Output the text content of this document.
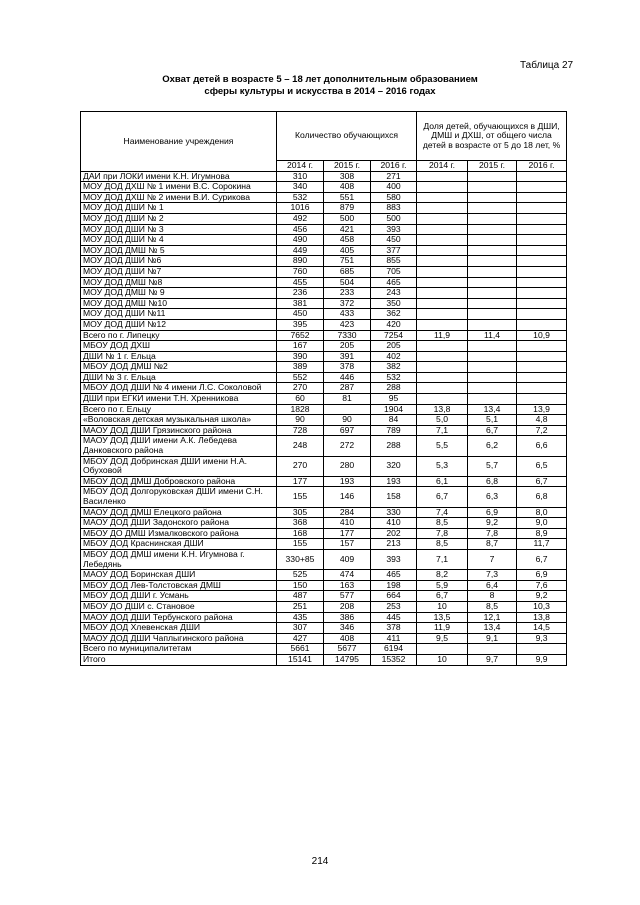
Таблица 27
Охват детей в возрасте 5 – 18 лет дополнительным образованием
сферы культуры и искусства в 2014 – 2016 годах
Наименование учреждения	Количество обучающихся			Доля детей, обучающихся в ДШИ, ДМШ и ДХШ, от общего числа детей в возрасте от 5 до 18 лет, %		
	2014 г.	2015 г.	2016 г.	2014 г.	2015 г.	2016 г.
ДАИ при ЛОКИ имени К.Н. Игумнова	310	308	271			
МОУ ДОД ДХШ № 1 имени В.С. Сорокина	340	408	400			
МОУ ДОД ДХШ № 2 имени В.И. Сурикова	532	551	580			
МОУ ДОД ДШИ № 1	1016	879	883			
МОУ ДОД ДШИ № 2	492	500	500			
МОУ ДОД ДШИ № 3	456	421	393			
МОУ ДОД ДШИ № 4	490	458	450			
МОУ ДОД ДМШ № 5	449	405	377			
МОУ ДОД ДШИ №6	890	751	855			
МОУ ДОД ДШИ №7	760	685	705			
МОУ ДОД ДМШ №8	455	504	465			
МОУ ДОД ДМШ № 9	236	233	243			
МОУ ДОД ДМШ №10	381	372	350			
МОУ ДОД ДШИ №11	450	433	362			
МОУ ДОД ДШИ №12	395	423	420			
Всего по г. Липецку	7652	7330	7254	11,9	11,4	10,9
МБОУ ДОД ДХШ	167	205	205			
ДШИ № 1 г. Ельца	390	391	402			
МБОУ ДОД ДМШ №2	389	378	382			
ДШИ № 3 г. Ельца	552	446	532			
МБОУ ДОД ДШИ № 4 имени Л.С. Соколовой	270	287	288			
ДШИ при ЕГКИ имени Т.Н. Хренникова	60	81	95			
Всего по г. Ельцу	1828		1904	13,8	13,4	13,9
«Воловская детская музыкальная школа»	90	90	84	5,0	5,1	4,8
МАОУ ДОД ДШИ Грязинского района	728	697	789	7,1	6,7	7,2
МАОУ ДОД ДШИ имени А.К. Лебедева Данковского района	248	272	288	5,5	6,2	6,6
МБОУ ДОД Добринская ДШИ имени Н.А. Обуховой	270	280	320	5,3	5,7	6,5
МБОУ ДОД ДМШ Добровского района	177	193	193	6,1	6,8	6,7
МБОУ ДОД Долгоруковская ДШИ имени С.Н. Василенко	155	146	158	6,7	6,3	6,8
МАОУ ДОД ДМШ Елецкого района	305	284	330	7,4	6,9	8,0
МАОУ ДОД ДШИ Задонского района	368	410	410	8,5	9,2	9,0
МБОУ ДО ДМШ Измалковского района	168	177	202	7,8	7,8	8,9
МБОУ ДОД Краснинская ДШИ	155	157	213	8,5	8,7	11,7
МБОУ ДОД ДМШ имени К.Н. Игумнова г. Лебедянь	330+85	409	393	7,1	7	6,7
МАОУ ДОД Боринская ДШИ	525	474	465	8,2	7,3	6,9
МБОУ ДОД Лев-Толстовская ДМШ	150	163	198	5,9	6,4	7,6
МБОУ ДОД ДШИ г. Усмань	487	577	664	6,7	8	9,2
МБОУ ДО ДШИ с. Становое	251	208	253	10	8,5	10,3
МАОУ ДОД ДШИ Тербунского района	435	386	445	13,5	12,1	13,8
МБОУ ДОД Хлевенская ДШИ	307	346	378	11,9	13,4	14,5
МАОУ ДОД ДШИ Чаплыгинского района	427	408	411	9,5	9,1	9,3
Всего по муниципалитетам	5661	5677	6194			
Итого	15141	14795	15352	10	9,7	9,9
214
